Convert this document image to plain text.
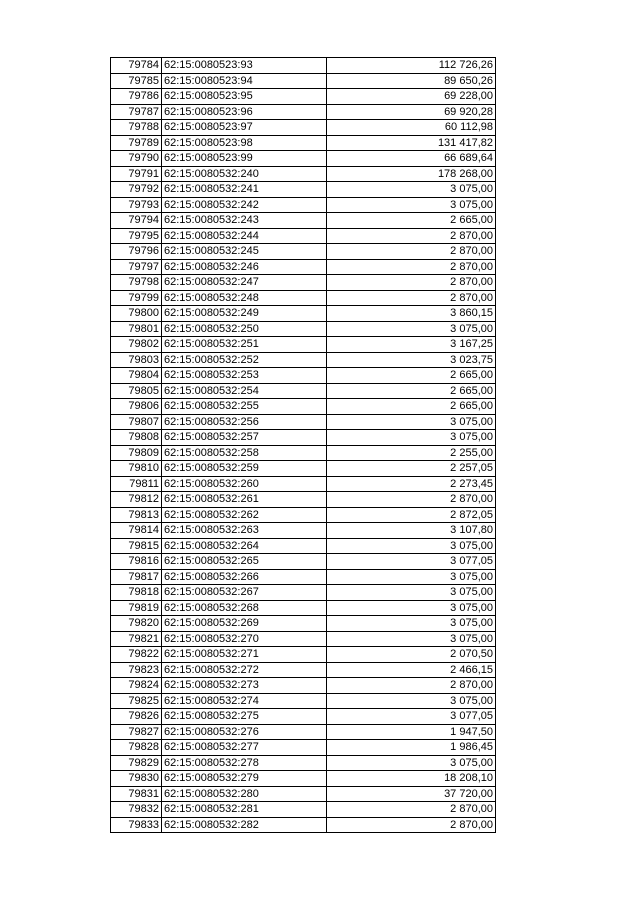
79784	62:15:0080523:93	112 726,26
79785	62:15:0080523:94	89 650,26
79786	62:15:0080523:95	69 228,00
79787	62:15:0080523:96	69 920,28
79788	62:15:0080523:97	60 112,98
79789	62:15:0080523:98	131 417,82
79790	62:15:0080523:99	66 689,64
79791	62:15:0080532:240	178 268,00
79792	62:15:0080532:241	3 075,00
79793	62:15:0080532:242	3 075,00
79794	62:15:0080532:243	2 665,00
79795	62:15:0080532:244	2 870,00
79796	62:15:0080532:245	2 870,00
79797	62:15:0080532:246	2 870,00
79798	62:15:0080532:247	2 870,00
79799	62:15:0080532:248	2 870,00
79800	62:15:0080532:249	3 860,15
79801	62:15:0080532:250	3 075,00
79802	62:15:0080532:251	3 167,25
79803	62:15:0080532:252	3 023,75
79804	62:15:0080532:253	2 665,00
79805	62:15:0080532:254	2 665,00
79806	62:15:0080532:255	2 665,00
79807	62:15:0080532:256	3 075,00
79808	62:15:0080532:257	3 075,00
79809	62:15:0080532:258	2 255,00
79810	62:15:0080532:259	2 257,05
79811	62:15:0080532:260	2 273,45
79812	62:15:0080532:261	2 870,00
79813	62:15:0080532:262	2 872,05
79814	62:15:0080532:263	3 107,80
79815	62:15:0080532:264	3 075,00
79816	62:15:0080532:265	3 077,05
79817	62:15:0080532:266	3 075,00
79818	62:15:0080532:267	3 075,00
79819	62:15:0080532:268	3 075,00
79820	62:15:0080532:269	3 075,00
79821	62:15:0080532:270	3 075,00
79822	62:15:0080532:271	2 070,50
79823	62:15:0080532:272	2 466,15
79824	62:15:0080532:273	2 870,00
79825	62:15:0080532:274	3 075,00
79826	62:15:0080532:275	3 077,05
79827	62:15:0080532:276	1 947,50
79828	62:15:0080532:277	1 986,45
79829	62:15:0080532:278	3 075,00
79830	62:15:0080532:279	18 208,10
79831	62:15:0080532:280	37 720,00
79832	62:15:0080532:281	2 870,00
79833	62:15:0080532:282	2 870,00
